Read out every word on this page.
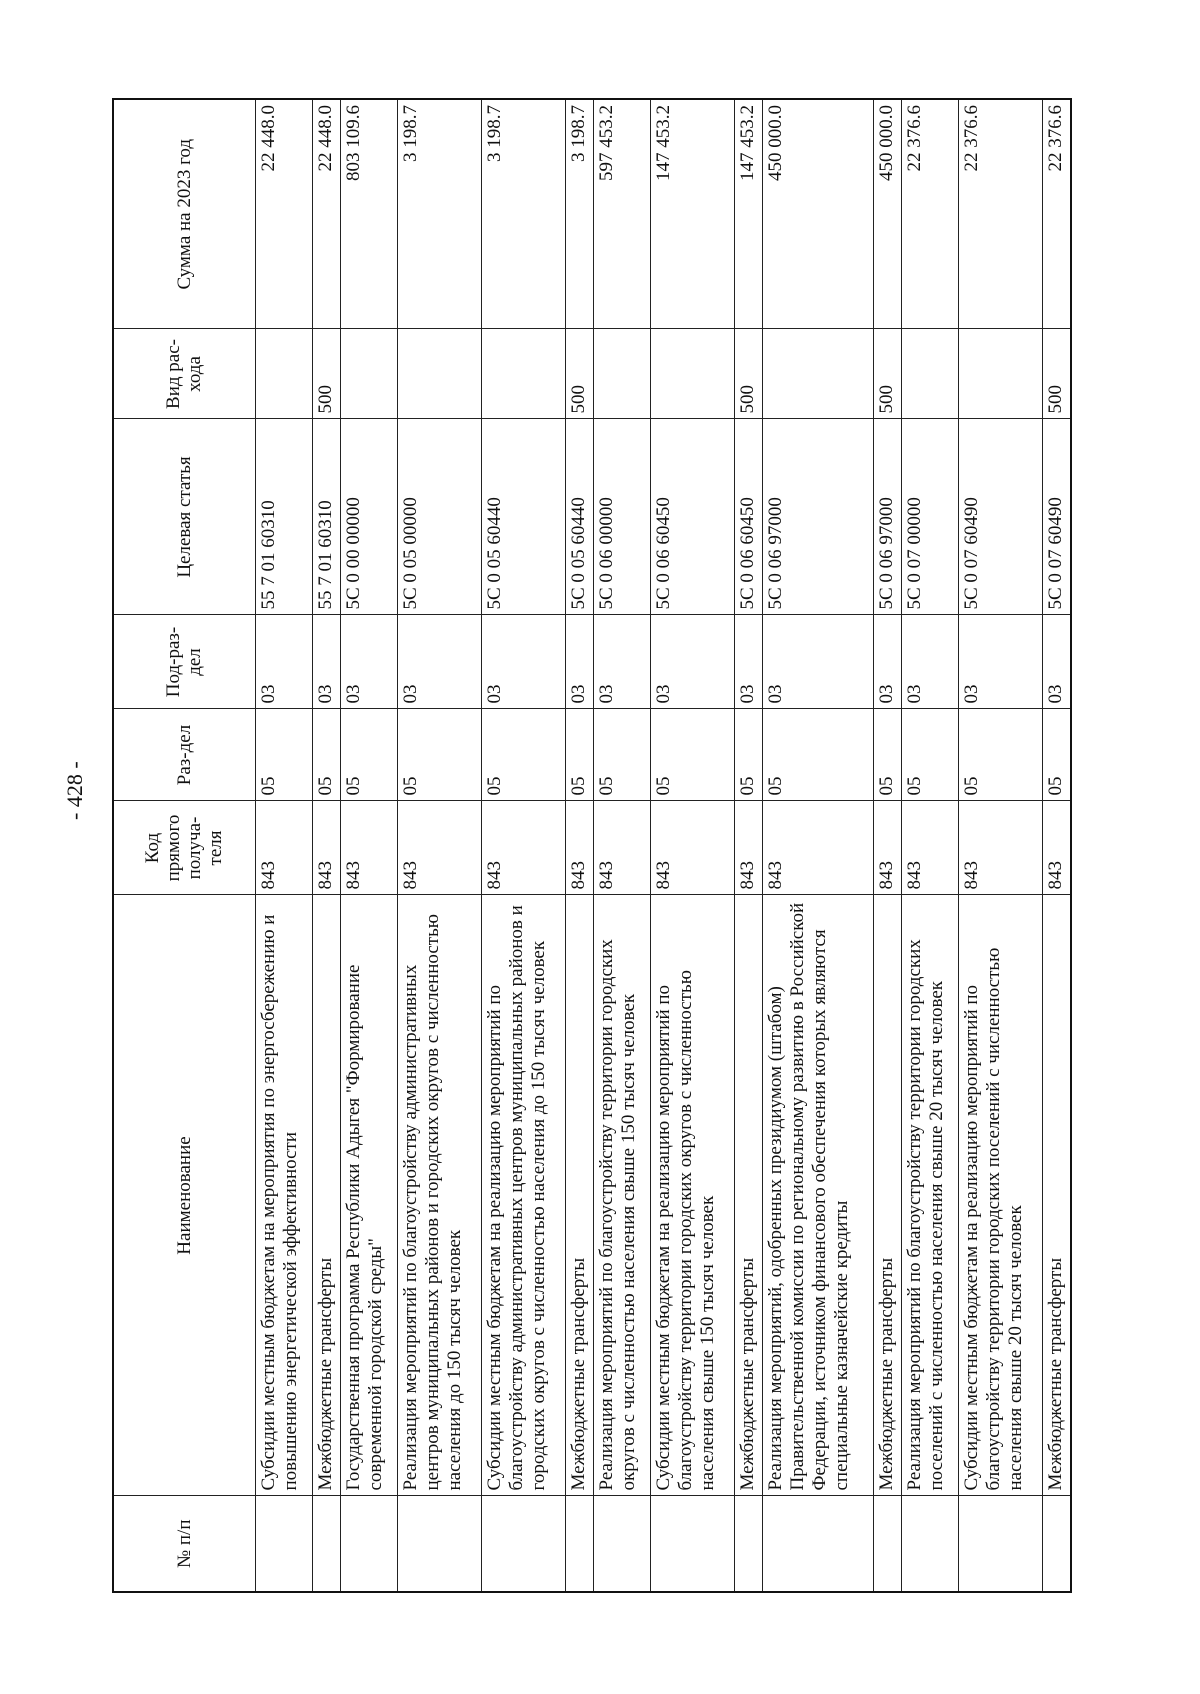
- 428 -
№ п/п	Наименование	Код прямого получа-теля	Раз-дел	Под-раз-дел	Целевая статья	Вид рас-хода	Сумма на 2023 год
	Субсидии местным бюджетам на мероприятия по энергосбережению и повышению энергетической эффективности	843	05	03	55 7 01 60310		22 448.0
	Межбюджетные трансферты	843	05	03	55 7 01 60310	500	22 448.0
	Государственная программа Республики Адыгея "Формирование современной городской среды"	843	05	03	5С 0 00 00000		803 109.6
	Реализация мероприятий по благоустройству административных центров муниципальных районов и городских округов с численностью населения до 150 тысяч человек	843	05	03	5С 0 05 00000		3 198.7
	Субсидии местным бюджетам на реализацию мероприятий по благоустройству административных центров муниципальных районов и городских округов с численностью населения до 150 тысяч человек	843	05	03	5С 0 05 60440		3 198.7
	Межбюджетные трансферты	843	05	03	5С 0 05 60440	500	3 198.7
	Реализация мероприятий по благоустройству территории городских округов с численностью населения свыше 150 тысяч человек	843	05	03	5С 0 06 00000		597 453.2
	Субсидии местным бюджетам на реализацию мероприятий по благоустройству территории городских округов с численностью населения свыше 150 тысяч человек	843	05	03	5С 0 06 60450		147 453.2
	Межбюджетные трансферты	843	05	03	5С 0 06 60450	500	147 453.2
	Реализация мероприятий, одобренных президиумом (штабом) Правительственной комиссии по региональному развитию в Российской Федерации, источником финансового обеспечения которых являются специальные казначейские кредиты	843	05	03	5С 0 06 97000		450 000.0
	Межбюджетные трансферты	843	05	03	5С 0 06 97000	500	450 000.0
	Реализация мероприятий по благоустройству территории городских поселений с численностью населения свыше 20 тысяч человек	843	05	03	5С 0 07 00000		22 376.6
	Субсидии местным бюджетам на реализацию мероприятий по благоустройству территории городских поселений с численностью населения свыше 20 тысяч человек	843	05	03	5С 0 07 60490		22 376.6
	Межбюджетные трансферты	843	05	03	5С 0 07 60490	500	22 376.6
